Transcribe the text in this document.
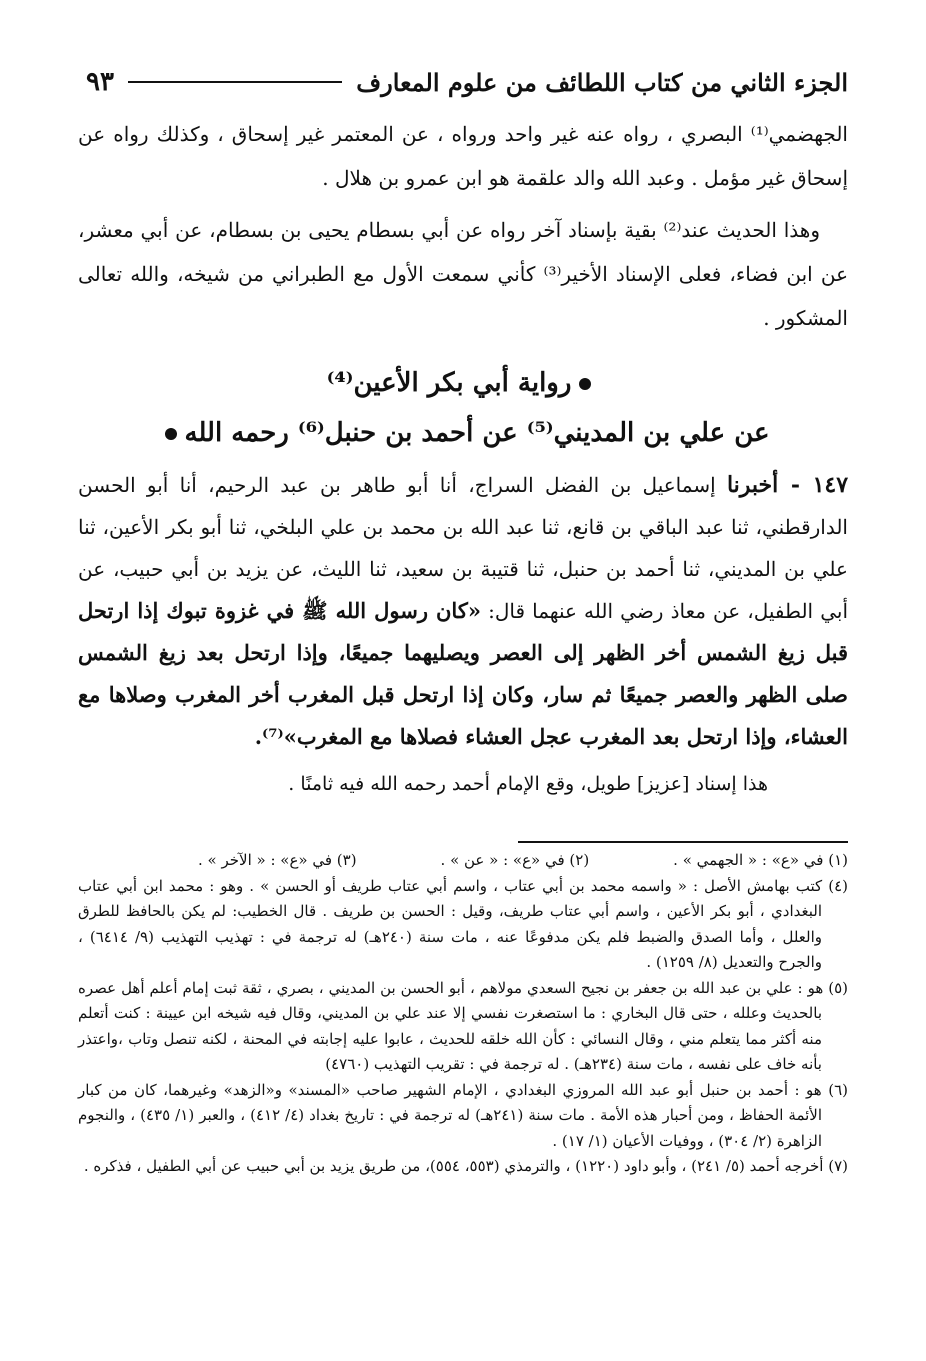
الجزء الثاني من كتاب اللطائف من علوم المعارف
٩٣

الجهضمي⁽¹⁾ البصري ، رواه عنه غير واحد ورواه ، عن المعتمر غير إسحاق ، وكذلك رواه عن إسحاق غير مؤمل . وعبد الله والد علقمة هو ابن عمرو بن هلال .

وهذا الحديث عند⁽²⁾ بقية بإسناد آخر رواه عن أبي بسطام يحيى بن بسطام، عن أبي معشر، عن ابن فضاء، فعلى الإسناد الأخير⁽³⁾ كأني سمعت الأول مع الطبراني من شيخه، والله تعالى المشكور .

رواية أبي بكر الأعين⁽⁴⁾
عن علي بن المديني⁽⁵⁾ عن أحمد بن حنبل⁽⁶⁾ رحمه الله

١٤٧ - أخبرنا إسماعيل بن الفضل السراج، أنا أبو طاهر بن عبد الرحيم، أنا أبو الحسن الدارقطني، ثنا عبد الباقي بن قانع، ثنا عبد الله بن محمد بن علي البلخي، ثنا أبو بكر الأعين، ثنا علي بن المديني، ثنا أحمد بن حنبل، ثنا قتيبة بن سعيد، ثنا الليث، عن يزيد بن أبي حبيب، عن أبي الطفيل، عن معاذ رضي الله عنهما قال: «كان رسول الله ﷺ في غزوة تبوك إذا ارتحل قبل زيغ الشمس أخر الظهر إلى العصر ويصليهما جميعًا، وإذا ارتحل بعد زيغ الشمس صلى الظهر والعصر جميعًا ثم سار، وكان إذا ارتحل قبل المغرب أخر المغرب وصلاها مع العشاء، وإذا ارتحل بعد المغرب عجل العشاء فصلاها مع المغرب»⁽⁷⁾.

هذا إسناد [عزيز] طويل، وقع الإمام أحمد رحمه الله فيه ثامنًا .

(١) في «ع» : « الجهمي » .
(٢) في «ع» : « عن » .
(٣) في «ع» : « الآخر » .

(٤) كتب بهامش الأصل : « واسمه محمد بن أبي عتاب ، واسم أبي عتاب طريف أو الحسن » . وهو : محمد ابن أبي عتاب البغدادي ، أبو بكر الأعين ، واسم أبي عتاب طريف، وقيل : الحسن بن طريف . قال الخطيب: لم يكن بالحافظ للطرق والعلل ، وأما الصدق والضبط فلم يكن مدفوعًا عنه ، مات سنة (٢٤٠هـ) له ترجمة في : تهذيب التهذيب (٩/ ٦٤١٤) ، والجرح والتعديل (٨/ ١٢٥٩) .

(٥) هو : علي بن عبد الله بن جعفر بن نجيح السعدي مولاهم ، أبو الحسن بن المديني ، بصري ، ثقة ثبت إمام أعلم أهل عصره بالحديث وعلله ، حتى قال البخاري : ما استصغرت نفسي إلا عند علي بن المديني، وقال فيه شيخه ابن عيينة : كنت أتعلم منه أكثر مما يتعلم مني ، وقال النسائي : كأن الله خلقه للحديث ، عابوا عليه إجابته في المحنة ، لكنه تنصل وتاب ،واعتذر بأنه خاف على نفسه ، مات سنة (٢٣٤هـ) . له ترجمة في : تقريب التهذيب (٤٧٦٠)

(٦) هو : أحمد بن حنبل أبو عبد الله المروزي البغدادي ، الإمام الشهير صاحب «المسند» و«الزهد» وغيرهما، كان من كبار الأئمة الحفاظ ، ومن أحبار هذه الأمة . مات سنة (٢٤١هـ) له ترجمة في : تاريخ بغداد (٤/ ٤١٢) ، والعبر (١/ ٤٣٥) ، والنجوم الزاهرة (٢/ ٣٠٤) ، ووفيات الأعيان (١/ ١٧) .

(٧) أخرجه أحمد (٥/ ٢٤١) ، وأبو داود (١٢٢٠) ، والترمذي (٥٥٣، ٥٥٤)، من طريق يزيد بن أبي حبيب عن أبي الطفيل ، فذكره .
